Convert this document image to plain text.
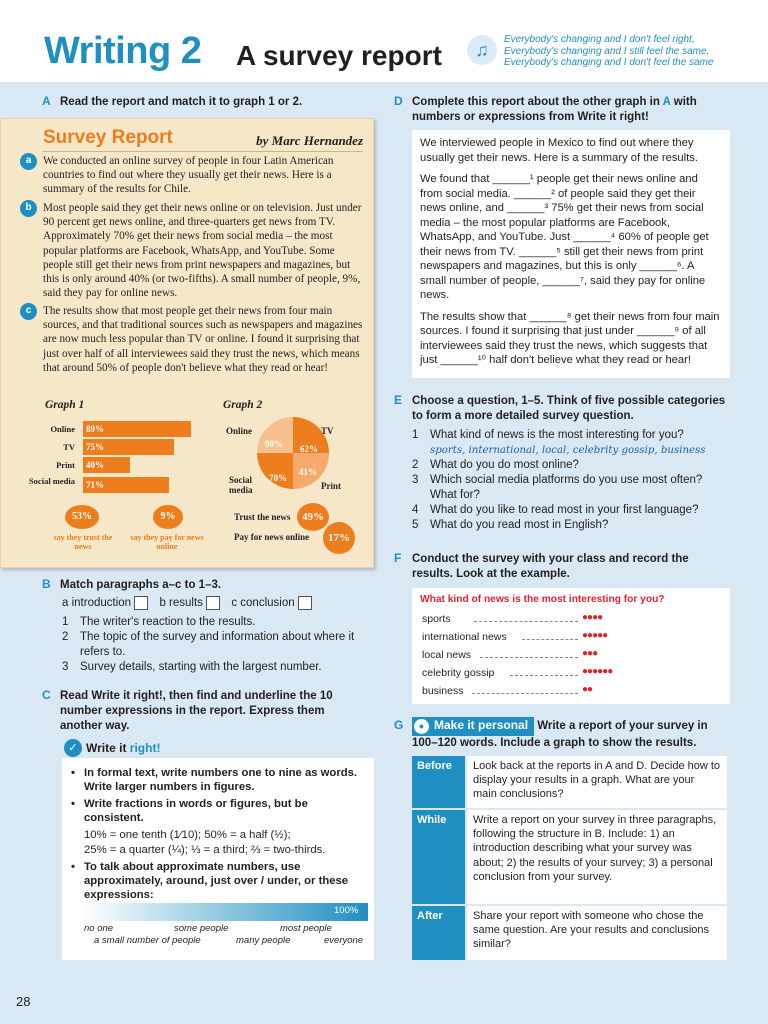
Writing 2 A survey report	♫
Everybody's changing and I don't feel right,
Everybody's changing and I still feel the same,
Everybody's changing and I don't feel the same
A Read the report and match it to graph 1 or 2.
Survey Report	by Marc Hernandez
a	We conducted an online survey of people in four Latin American countries to find out where they usually get their news. Here is a summary of the results for Chile.
b	Most people said they get their news online or on television. Just under 90 percent get news online, and three-quarters get news from TV. Approximately 70% get their news from social media – the most popular platforms are Facebook, WhatsApp, and YouTube. Some people still get their news from print newspapers and magazines, but this is only around 40% (or two-fifths). A small number of people, 9%, said they pay for online news.
c	The results show that most people get their news from four main sources, and that traditional sources such as newspapers and magazines are now much less popular than TV or online. I found it surprising that just over half of all interviewees said they trust the news, which means that around 50% of people don't believe what they read or hear!
Graph 1
Online	89%
TV	75%
Print	40%
Social media	71%
53%
say they trust the news
9%
say they pay for news online
Graph 2
90% 62%
41%
70%
Online	TV
Social media	Print
Trust the news	49%
Pay for news online	17%
B Match paragraphs a–c to 1–3.
a introduction b results c conclusion
1 The writer's reaction to the results.
2 The topic of the survey and information about where it refers to.
3 Survey details, starting with the largest number.
C Read Write it right!, then find and underline the 10 number expressions in the report. Express them another way.
✓ Write it right!
• In formal text, write numbers one to nine as words. Write larger numbers in figures.
• Write fractions in words or figures, but be consistent.
10% = one tenth (1⁄10); 50% = a half (½);
25% = a quarter (¼); ⅓ = a third; ⅔ = two-thirds.
• To talk about approximate numbers, use approximately, around, just over / under, or these expressions:
100%
no one	some people	most people
a small number of people	many people	everyone
D Complete this report about the other graph in A with numbers or expressions from Write it right!
We interviewed people in Mexico to find out where they usually get their news. Here is a summary of the results.
We found that ______¹ people get their news online and from social media. ______² of people said they get their news online, and ______³ 75% get their news from social media – the most popular platforms are Facebook, WhatsApp, and YouTube. Just ______⁴ 60% of people get their news from TV. ______⁵ still get their news from print newspapers and magazines, but this is only ______⁶. A small number of people, ______⁷, said they pay for online news.
The results show that ______⁸ get their news from four main sources. I found it surprising that just under ______⁹ of all interviewees said they trust the news, which suggests that just ______¹⁰ half don't believe what they read or hear!
E Choose a question, 1–5. Think of five possible categories to form a more detailed survey question.
1 What kind of news is the most interesting for you?
sports, international, local, celebrity gossip, business
2 What do you do most online?
3 Which social media platforms do you use most often? What for?
4 What do you like to read most in your first language?
5 What do you read most in English?
F Conduct the survey with your class and record the results. Look at the example.
What kind of news is the most interesting for you?
sports	●●●●
international news	●●●●●
local news	●●●
celebrity gossip	●●●●●●
business	●●
G	● Make it personal Write a report of your survey in 100–120 words. Include a graph to show the results.
Before	Look back at the reports in A and D. Decide how to display your results in a graph. What are your main conclusions?
While	Write a report on your survey in three paragraphs, following the structure in B. Include: 1) an introduction describing what your survey was about; 2) the results of your survey; 3) a personal conclusion from your survey.
After	Share your report with someone who chose the same question. Are your results and conclusions similar?
28
